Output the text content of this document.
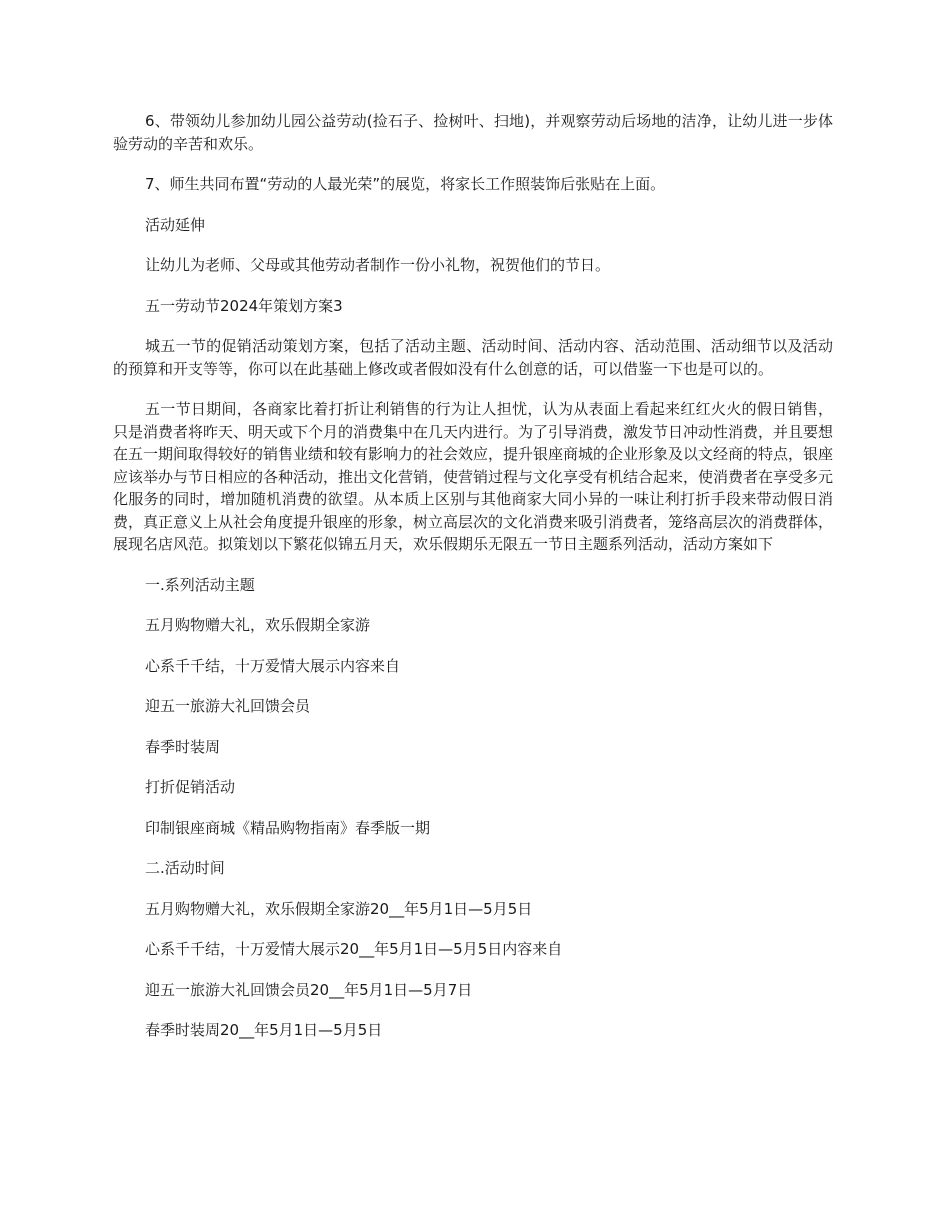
6、带领幼儿参加幼儿园公益劳动(捡石子、捡树叶、扫地)，并观察劳动后场地的洁净，让幼儿进一步体验劳动的辛苦和欢乐。

7、师生共同布置“劳动的人最光荣”的展览，将家长工作照装饰后张贴在上面。

活动延伸

让幼儿为老师、父母或其他劳动者制作一份小礼物，祝贺他们的节日。

五一劳动节2024年策划方案3

城五一节的促销活动策划方案，包括了活动主题、活动时间、活动内容、活动范围、活动细节以及活动的预算和开支等等，你可以在此基础上修改或者假如没有什么创意的话，可以借鉴一下也是可以的。

五一节日期间，各商家比着打折让利销售的行为让人担忧，认为从表面上看起来红红火火的假日销售，只是消费者将昨天、明天或下个月的消费集中在几天内进行。为了引导消费，激发节日冲动性消费，并且要想在五一期间取得较好的销售业绩和较有影响力的社会效应，提升银座商城的企业形象及以文经商的特点，银座应该举办与节日相应的各种活动，推出文化营销，使营销过程与文化享受有机结合起来，使消费者在享受多元化服务的同时，增加随机消费的欲望。从本质上区别与其他商家大同小异的一味让利打折手段来带动假日消费，真正意义上从社会角度提升银座的形象，树立高层次的文化消费来吸引消费者，笼络高层次的消费群体，展现名店风范。拟策划以下繁花似锦五月天，欢乐假期乐无限五一节日主题系列活动，活动方案如下

一.系列活动主题

五月购物赠大礼，欢乐假期全家游

心系千千结，十万爱情大展示内容来自

迎五一旅游大礼回馈会员

春季时装周

打折促销活动

印制银座商城《精品购物指南》春季版一期

二.活动时间

五月购物赠大礼，欢乐假期全家游20__年5月1日—5月5日

心系千千结，十万爱情大展示20__年5月1日—5月5日内容来自

迎五一旅游大礼回馈会员20__年5月1日—5月7日

春季时装周20__年5月1日—5月5日
